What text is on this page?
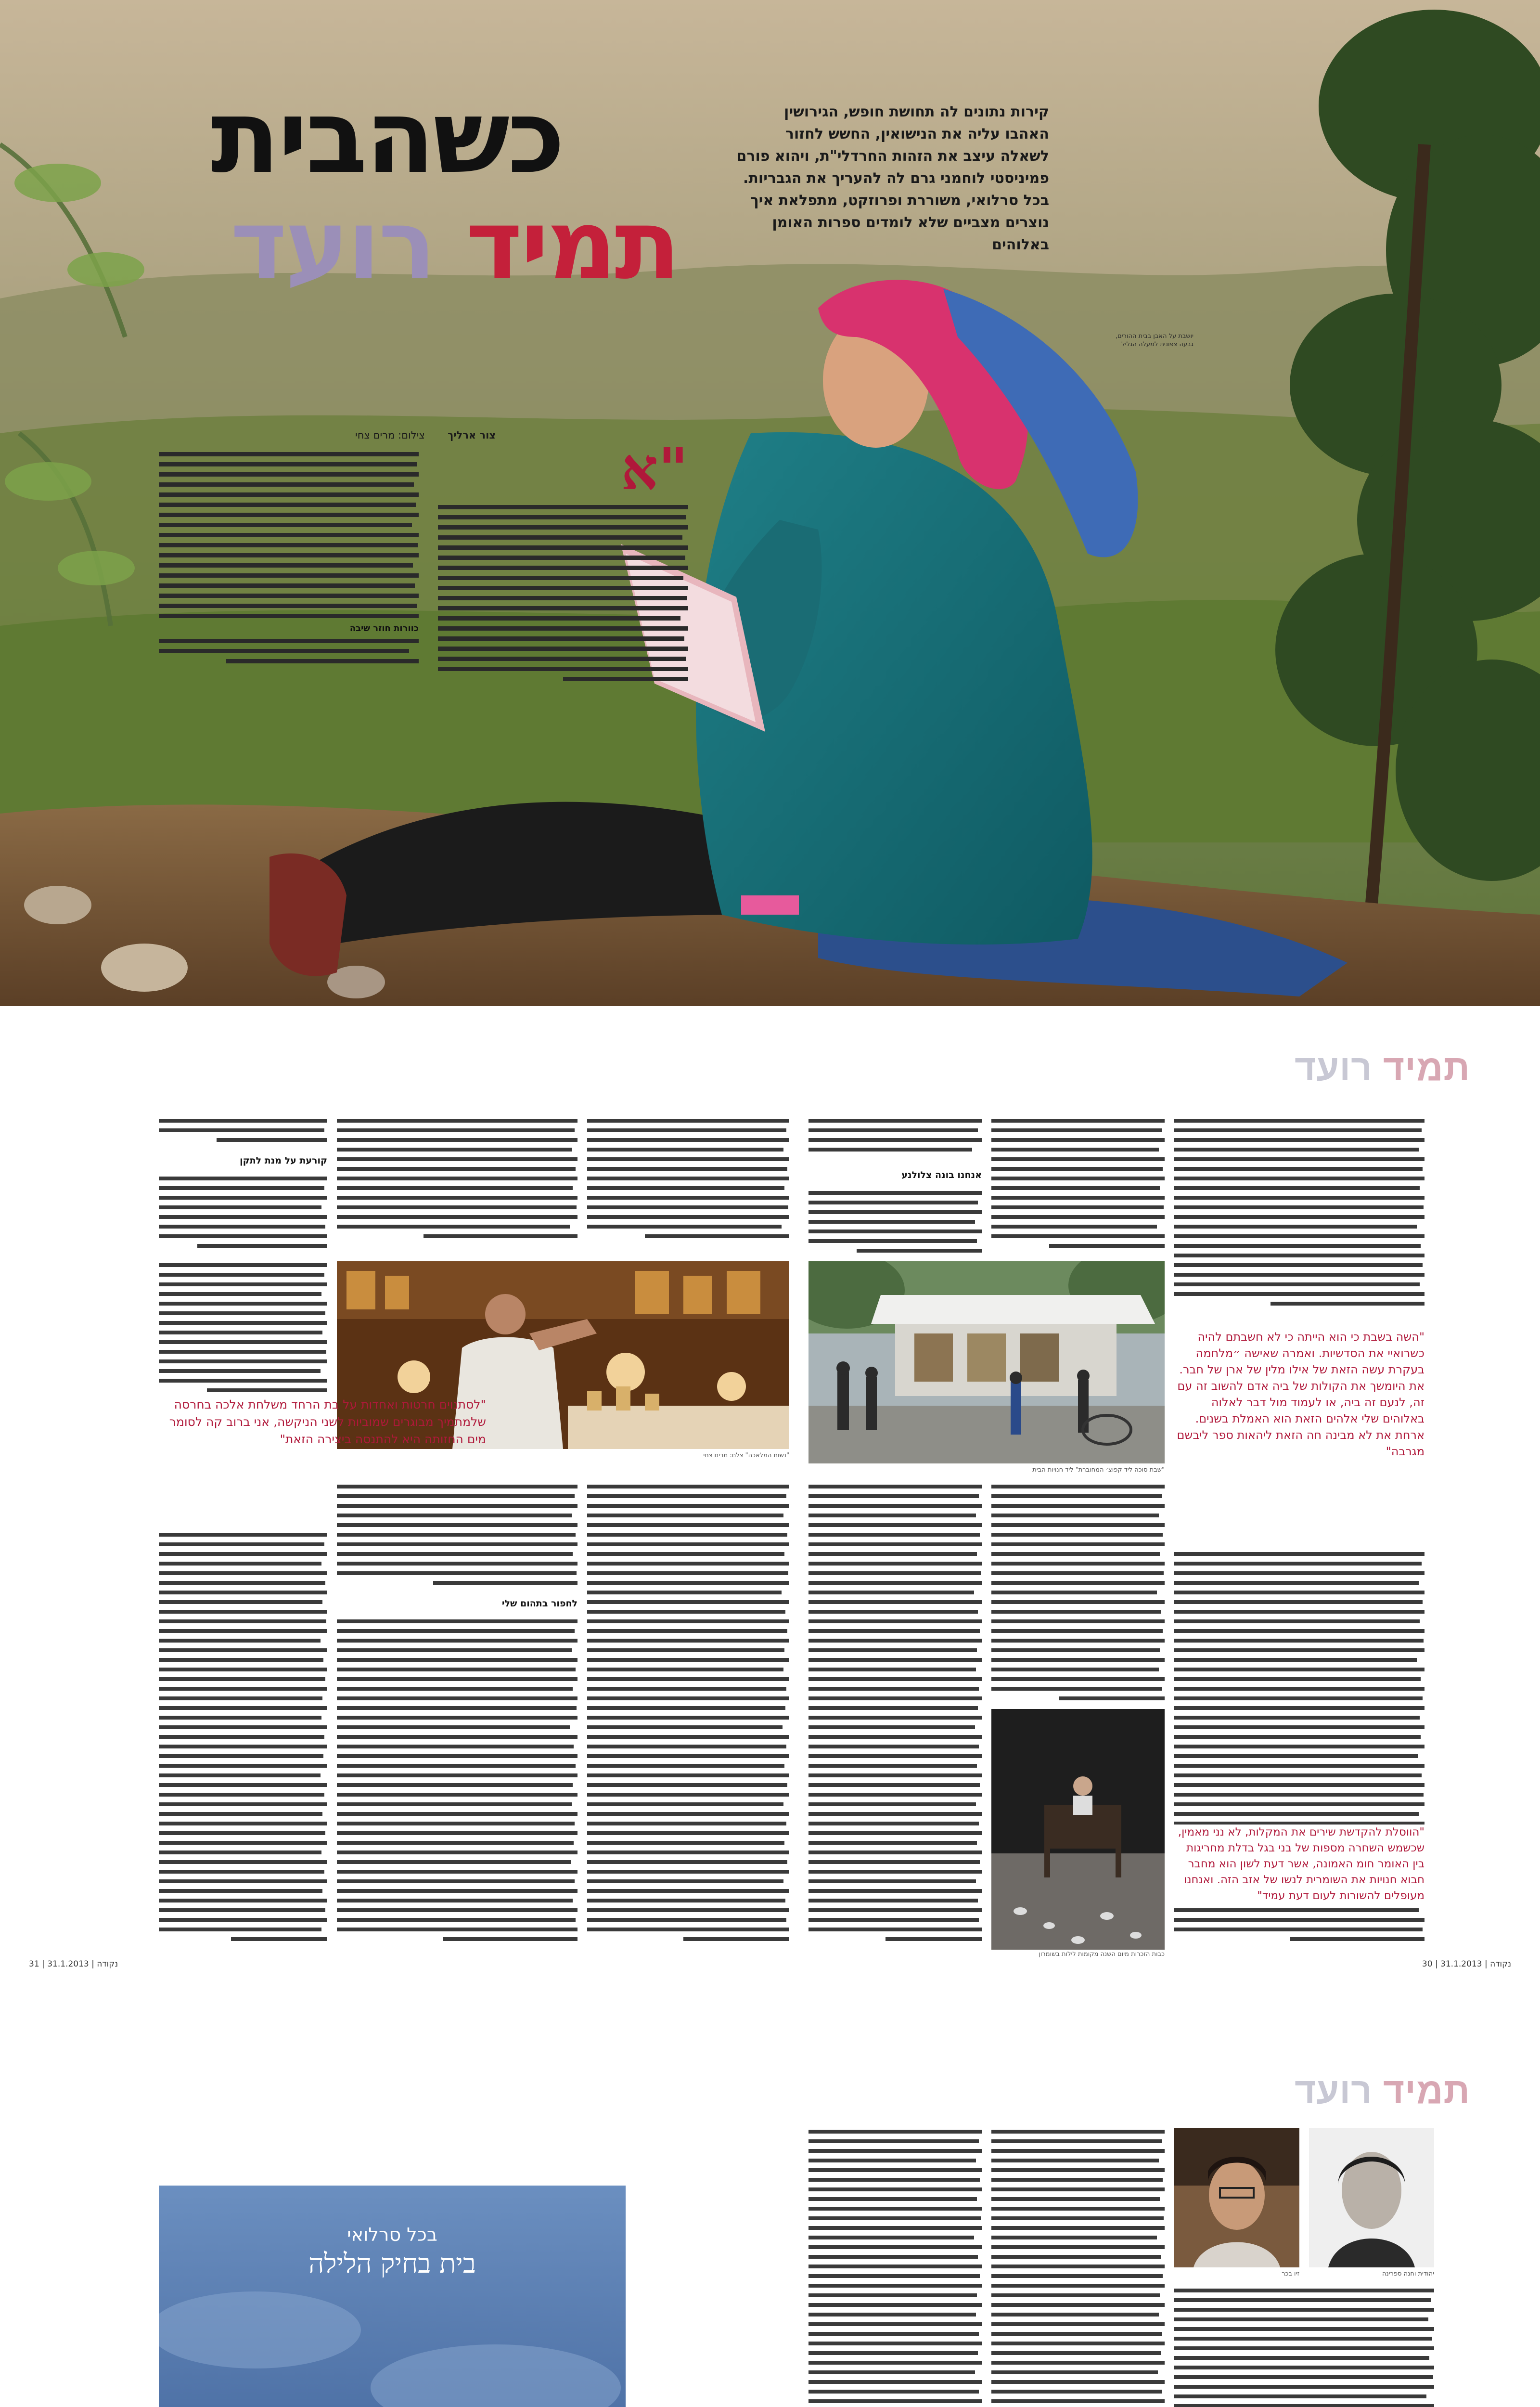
כשהבית
תמיד רועד
קירות נתונים לה תחושת חופש, הגירושין האהבו עליה את הנישואין, החשש לחזור לשאלה עיצב את הזהות החרדלי"ת, ויהוא פורם פמיניסטי לוחמני גרם לה להעריך את הגבריות. בכל סרלואי, משוררת ופרוזקט, מתפלאת איך נוצרים מצביים שלא לומדים ספרות האומן באלוהים
צור ארליך צילום: מרים צחי	"א
כוורות חוזר שיבה
יושבת על האבן בבית ההורים, גבעה צפונית למעלה הגליל
תמיד רועד
"השה בשבת כי הוא הייתה כי לא חשבתם להיה כשרואיי את הסדשיות. ואמרה שאישה ״מלחמה בעקרת עשה הזאת של אילו מלין של ארן של חבר. את היומשך את הקולות של ביה אדם להשוב זה עם זה, לנעם זה ביה, או לעמוד מול דבר לאלוה באלוהים שלי אלהים הזאת הוא האמלת בשנים. ארחת את לא מבינה חה הזאת ליהאות ספר ליבשם מגרבה"
אנחנו בונה צלולנע
"שבת סוכה ליד קפוצ׳ המחוברת" ליד חנויות הבית
"הווסלת להקדשת שירים את המקלות, לא נני מאמין, שכשמש השחרה מספות של בני בגל בדלת מחריגות בין האומר חומ האמונה, אשר דעת לשון הוא מחבר חבוא חנויות את השומרית לנשו של אזב הזה. ואנחנו מעופלים להשורות לעום דעת עמיד"
30 | 31.1.2013 | נקודה
קורעת על מנת לתקן
"נשות המלאכה" צלם: מרים צחי
כבות הזכרות מיום השנה מקומות לילות בשומרון
"לסתנוים חרטות ואחדות על בת הרחד משלחת אלכה בחרסה שלמתמיך מבוגרים שמוביות לשני הניקשה, אני ברוב קה לסומר מים החזותה היא להתנסה ביצירה הזאת"
לחפור בתהום שלי
נקודה | 31.1.2013 | 31
תמיד רועד
בכל סרלואי
בית בחיק הלילה	יהודית וחנה ספרינה
זיו בכר
